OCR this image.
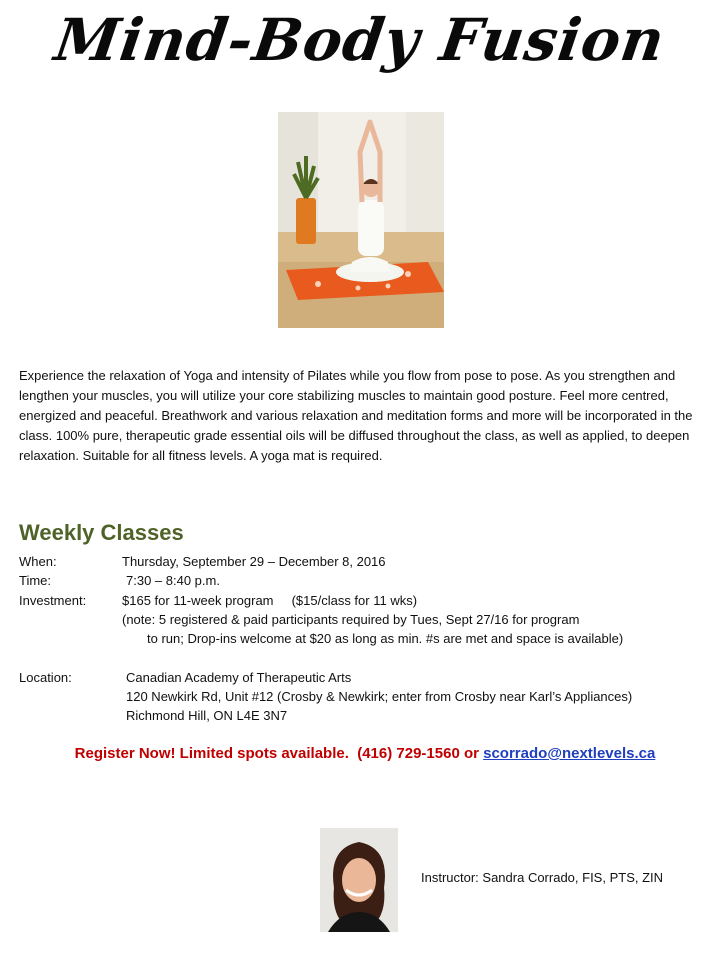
Mind-Body Fusion
Experience the relaxation of Yoga and intensity of Pilates while you flow from pose to pose. As you strengthen and lengthen your muscles, you will utilize your core stabilizing muscles to maintain good posture. Feel more centred, energized and peaceful. Breathwork and various relaxation and meditation forms and more will be incorporated in the class. 100% pure, therapeutic grade essential oils will be diffused throughout the class, as well as applied, to deepen relaxation. Suitable for all fitness levels. A yoga mat is required.
Weekly Classes
When:	Thursday, September 29 – December 8, 2016
Time:	7:30 – 8:40 p.m.
Investment:	$165 for 11-week program     ($15/class for 11 wks)
(note: 5 registered & paid participants required by Tues, Sept 27/16 for program
to run; Drop-ins welcome at $20 as long as min. #s are met and space is available)
Location:	Canadian Academy of Therapeutic Arts
120 Newkirk Rd, Unit #12 (Crosby & Newkirk; enter from Crosby near Karl’s Appliances)
Richmond Hill, ON L4E 3N7
Register Now! Limited spots available.  (416) 729-1560 or scorrado@nextlevels.ca
Instructor: Sandra Corrado, FIS, PTS, ZIN
